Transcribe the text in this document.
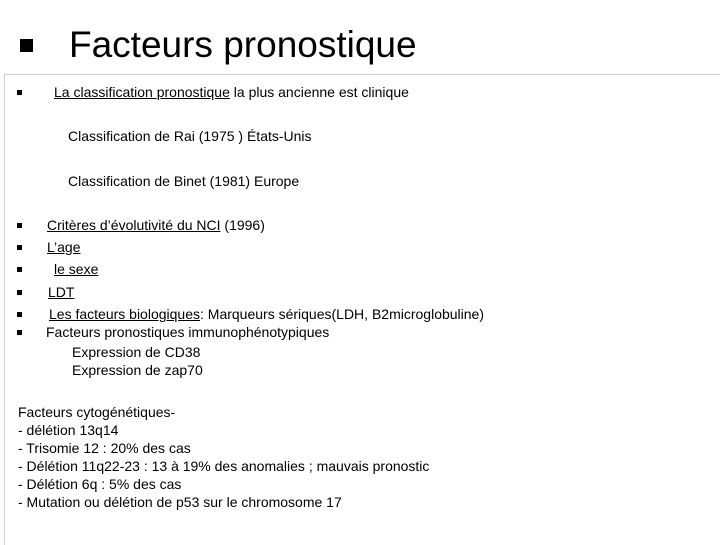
Facteurs pronostique
La classification pronostique la plus ancienne est clinique
Classification de Rai (1975 ) États-Unis
Classification de Binet (1981) Europe
Critères d’évolutivité du NCI (1996)
L’age
le sexe
LDT
Les facteurs biologiques: Marqueurs sériques(LDH, B2microglobuline)
Facteurs pronostiques immunophénotypiques
Expression de CD38
Expression de zap70
Facteurs cytogénétiques-
- délétion 13q14
- Trisomie 12 : 20% des cas
- Délétion 11q22-23 : 13 à 19% des anomalies ; mauvais pronostic
- Délétion 6q : 5% des cas
- Mutation ou délétion de p53 sur le chromosome 17
